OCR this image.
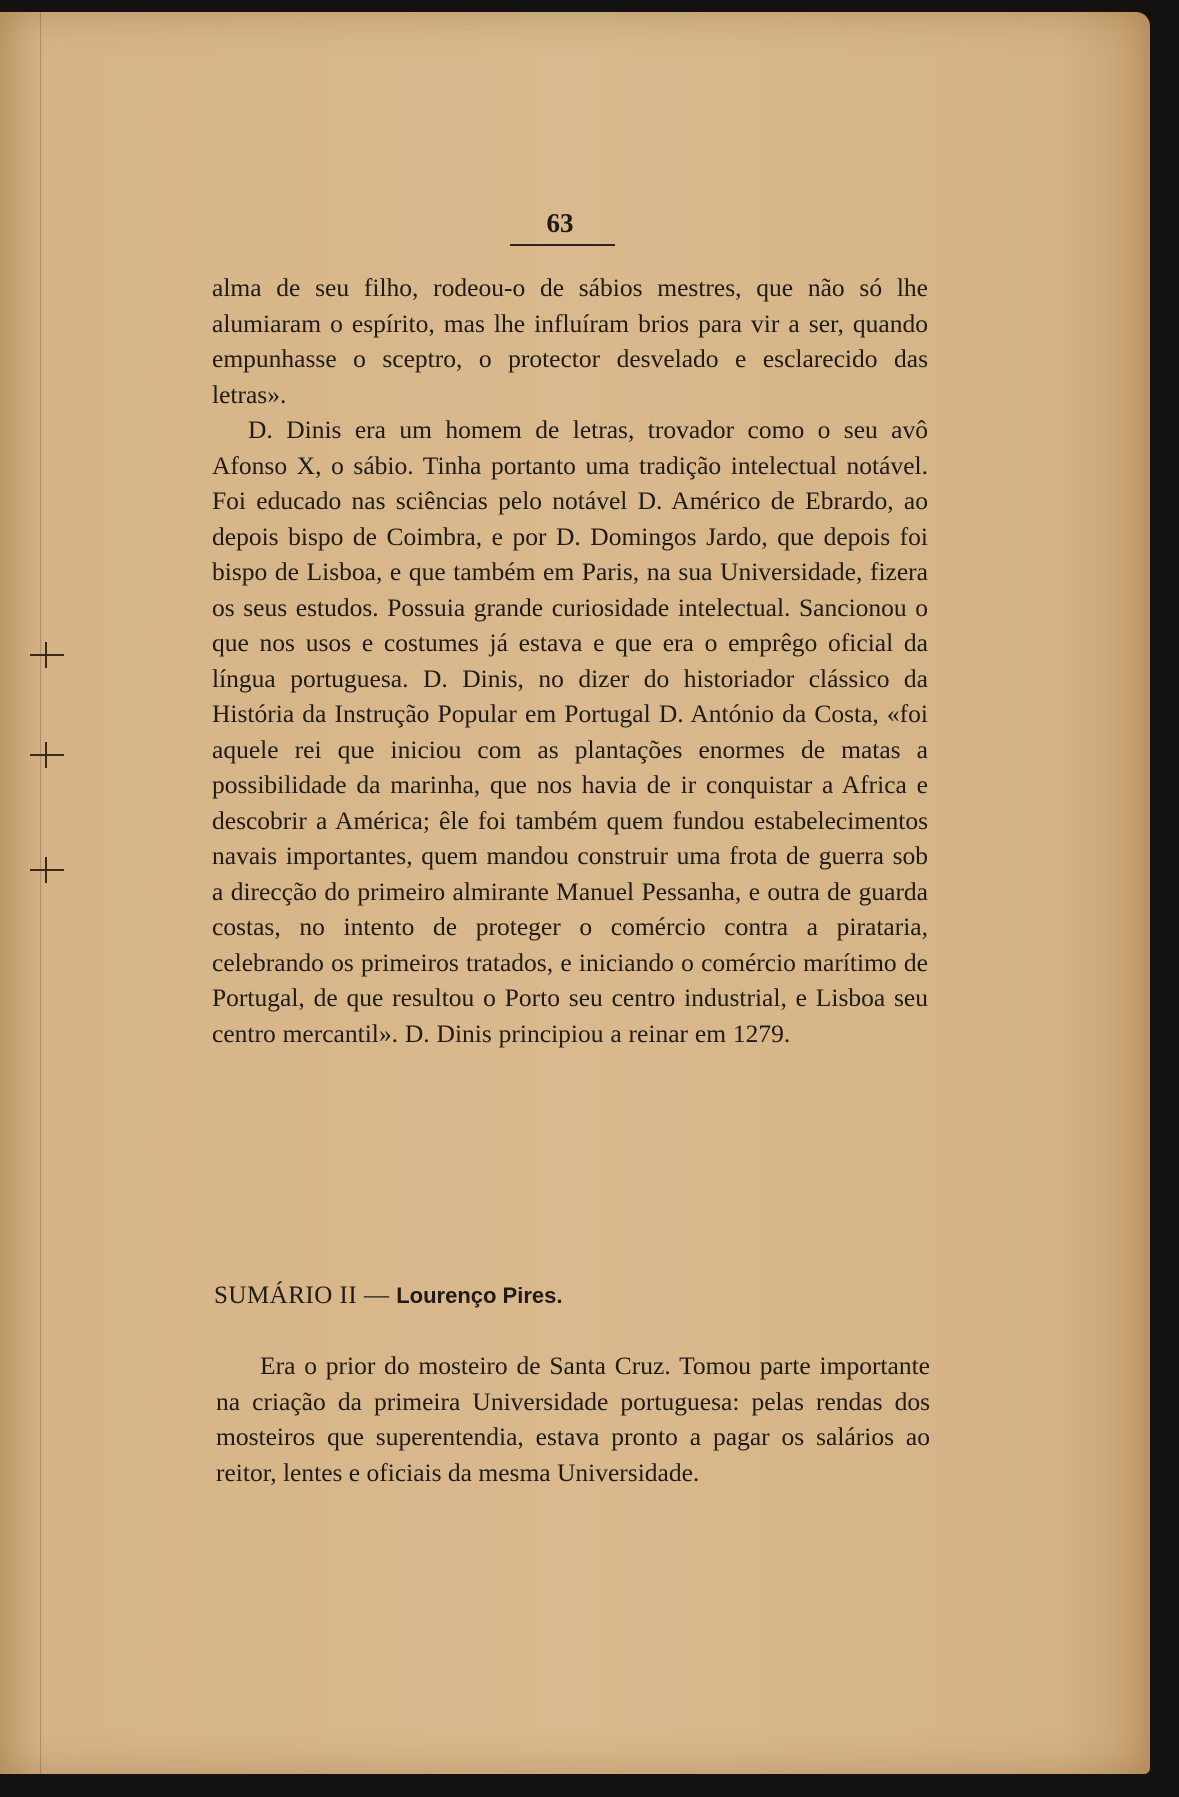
63

alma de seu filho, rodeou-o de sábios mestres, que não só lhe alumiaram o espírito, mas lhe influíram brios para vir a ser, quando empunhasse o sceptro, o protector desvelado e esclarecido das letras».

D. Dinis era um homem de letras, trovador como o seu avô Afonso X, o sábio. Tinha portanto uma tradição intelectual notável. Foi educado nas sciências pelo notável D. Américo de Ebrardo, ao depois bispo de Coimbra, e por D. Domingos Jardo, que depois foi bispo de Lisboa, e que também em Paris, na sua Universidade, fizera os seus estudos. Possuia grande curiosidade intelectual. Sancionou o que nos usos e costumes já estava e que era o emprêgo oficial da língua portuguesa. D. Dinis, no dizer do historiador clássico da História da Instrução Popular em Portugal D. António da Costa, «foi aquele rei que iniciou com as plantações enormes de matas a possibilidade da marinha, que nos havia de ir conquistar a Africa e descobrir a América; êle foi também quem fundou estabelecimentos navais importantes, quem mandou construir uma frota de guerra sob a direcção do primeiro almirante Manuel Pessanha, e outra de guarda costas, no intento de proteger o comércio contra a pirataria, celebrando os primeiros tratados, e iniciando o comércio marítimo de Portugal, de que resultou o Porto seu centro industrial, e Lisboa seu centro mercantil». D. Dinis principiou a reinar em 1279.

SUMÁRIO II — Lourenço Pires.

Era o prior do mosteiro de Santa Cruz. Tomou parte importante na criação da primeira Universidade portuguesa: pelas rendas dos mosteiros que superentendia, estava pronto a pagar os salários ao reitor, lentes e oficiais da mesma Universidade.
